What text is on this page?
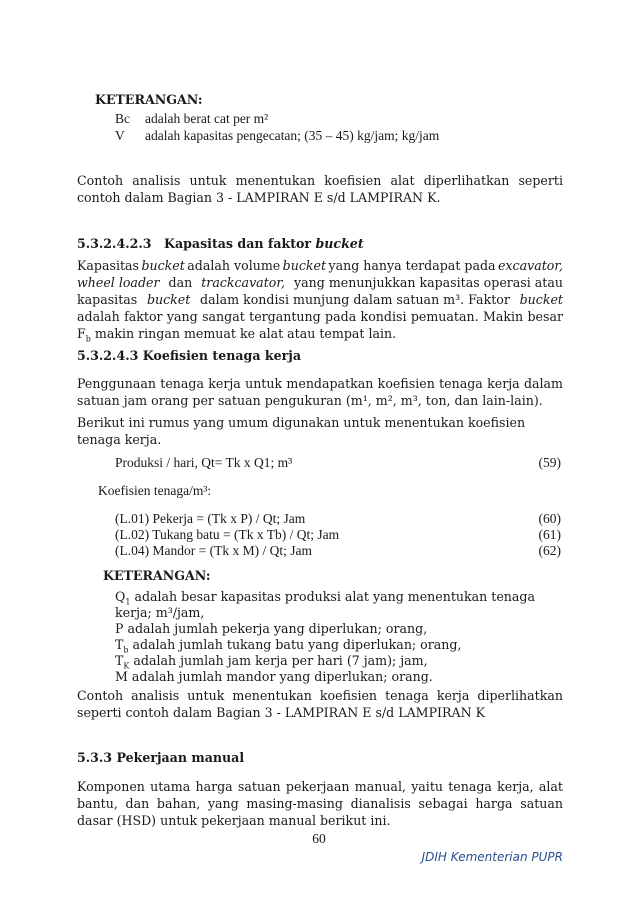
KETERANGAN:
Bc adalah berat cat per m²
V adalah kapasitas pengecatan; (35 – 45) kg/jam; kg/jam
Contoh analisis untuk menentukan koefisien alat diperlihatkan seperti
contoh dalam Bagian 3 - LAMPIRAN E s/d LAMPIRAN K.
5.3.2.4.2.3 Kapasitas dan faktor bucket
Kapasitas bucket adalah volume bucket yang hanya terdapat pada excavator,
wheel loader dan trackcavator, yang menunjukkan kapasitas operasi atau
kapasitas bucket dalam kondisi munjung dalam satuan m³. Faktor bucket
adalah faktor yang sangat tergantung pada kondisi pemuatan. Makin besar
$F_b$ makin ringan memuat ke alat atau tempat lain.
5.3.2.4.3 Koefisien tenaga kerja
Penggunaan tenaga kerja untuk mendapatkan koefisien tenaga kerja dalam
satuan jam orang per satuan pengukuran (m¹, m², m³, ton, dan lain-lain).
Berikut ini rumus yang umum digunakan untuk menentukan koefisien
tenaga kerja.
Produksi / hari, Qt= Tk x Q1; m³	(59)
Koefisien tenaga/m³:
(L.01) Pekerja = (Tk x P) / Qt; Jam	(60)
(L.02) Tukang batu = (Tk x Tb) / Qt; Jam	(61)
(L.04) Mandor = (Tk x M) / Qt; Jam	(62)
KETERANGAN:
$Q_1$ adalah besar kapasitas produksi alat yang menentukan tenaga
kerja; m³/jam,
P adalah jumlah pekerja yang diperlukan; orang,
$T_b$ adalah jumlah tukang batu yang diperlukan; orang,
$T_K$ adalah jumlah jam kerja per hari (7 jam); jam,
M adalah jumlah mandor yang diperlukan; orang.
Contoh analisis untuk menentukan koefisien tenaga kerja diperlihatkan
seperti contoh dalam Bagian 3 - LAMPIRAN E s/d LAMPIRAN K
5.3.3 Pekerjaan manual
Komponen utama harga satuan pekerjaan manual, yaitu tenaga kerja, alat
bantu, dan bahan, yang masing-masing dianalisis sebagai harga satuan
dasar (HSD) untuk pekerjaan manual berikut ini.
60
JDIH Kementerian PUPR
